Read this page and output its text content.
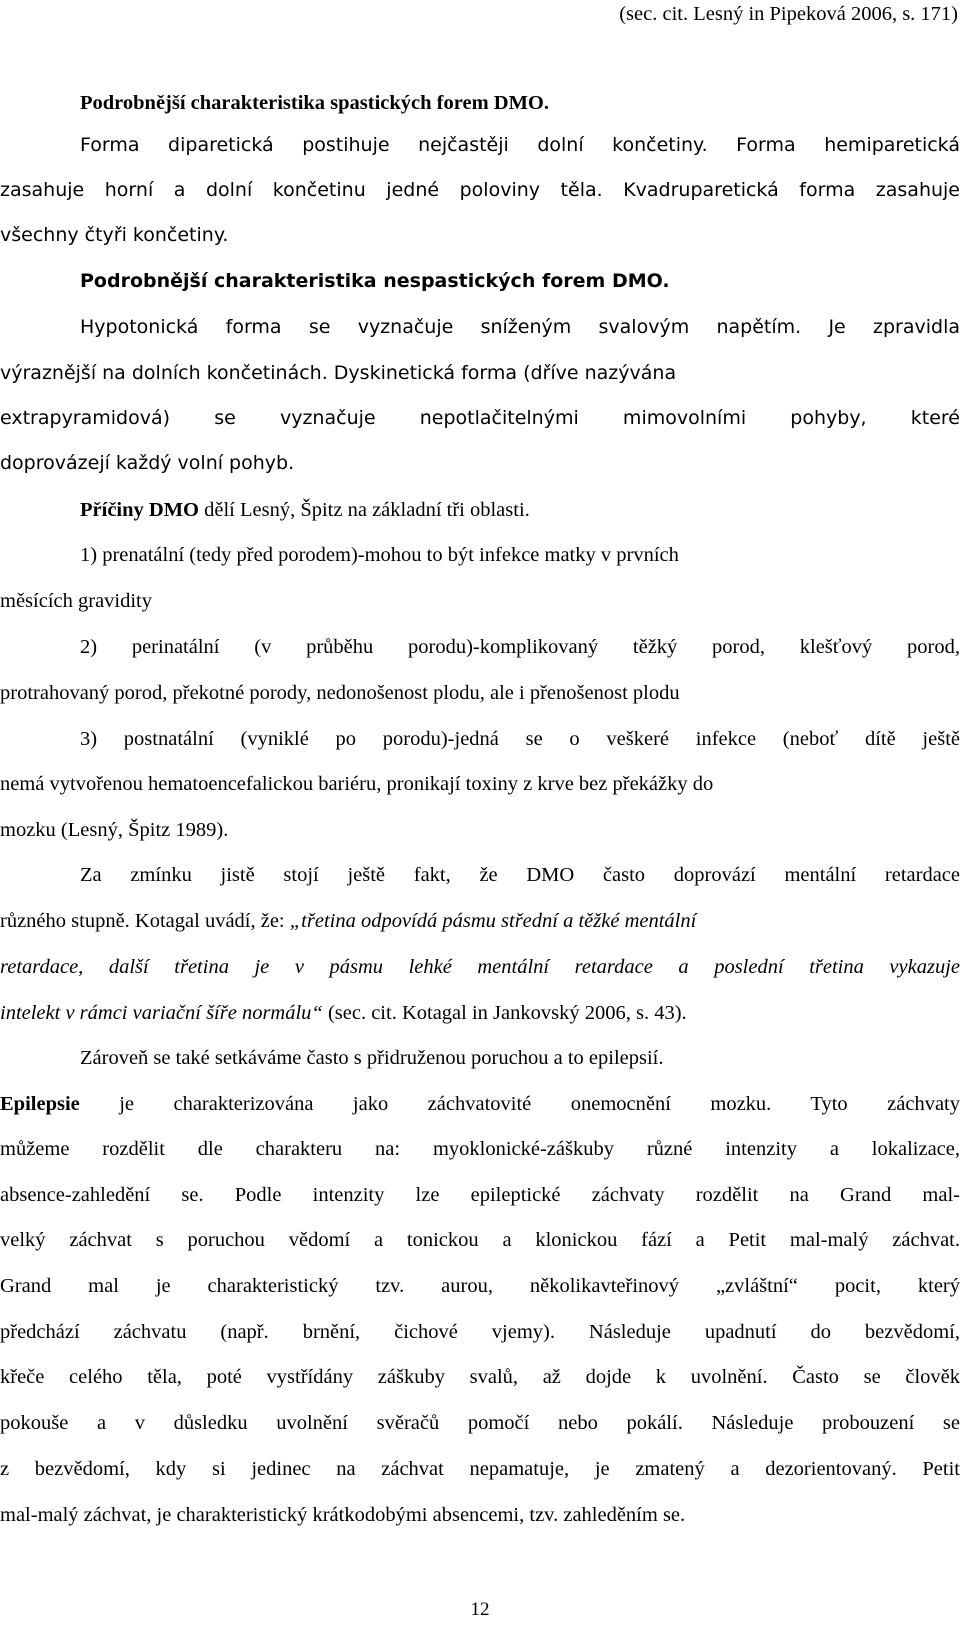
(sec. cit. Lesný in Pipeková 2006, s. 171)
Podrobnější charakteristika spastických forem DMO.
Forma diparetická postihuje nejčastěji dolní končetiny. Forma hemiparetická
zasahuje horní a dolní končetinu jedné poloviny těla. Kvadruparetická forma zasahuje
všechny čtyři končetiny.
Podrobnější charakteristika nespastických forem DMO.
Hypotonická forma se vyznačuje sníženým svalovým napětím. Je zpravidla
výraznější na dolních končetinách. Dyskinetická forma (dříve nazývána
extrapyramidová) se vyznačuje nepotlačitelnými mimovolními pohyby, které
doprovázejí každý volní pohyb.
Příčiny DMO dělí Lesný, Špitz na základní tři oblasti.
1) prenatální (tedy před porodem)-mohou to být infekce matky v prvních
měsících gravidity
2) perinatální (v průběhu porodu)-komplikovaný těžký porod, klešťový porod,
protrahovaný porod, překotné porody, nedonošenost plodu, ale i přenošenost plodu
3) postnatální (vyniklé po porodu)-jedná se o veškeré infekce (neboť dítě ještě
nemá vytvořenou hematoencefalickou bariéru, pronikají toxiny z krve bez překážky do
mozku (Lesný, Špitz 1989).
Za zmínku jistě stojí ještě fakt, že DMO často doprovází mentální retardace
různého stupně. Kotagal uvádí, že: „třetina odpovídá pásmu střední a těžké mentální
retardace, další třetina je v pásmu lehké mentální retardace a poslední třetina vykazuje
intelekt v rámci variační šíře normálu“ (sec. cit. Kotagal in Jankovský 2006, s. 43).
Zároveň se také setkáváme často s přidruženou poruchou a to epilepsií.
Epilepsie je charakterizována jako záchvatovité onemocnění mozku. Tyto záchvaty
můžeme rozdělit dle charakteru na: myoklonické-záškuby různé intenzity a lokalizace,
absence-zahledění se. Podle intenzity lze epileptické záchvaty rozdělit na Grand mal-
velký záchvat s poruchou vědomí a tonickou a klonickou fází a Petit mal-malý záchvat.
Grand mal je charakteristický tzv. aurou, několikavteřinový „zvláštní“ pocit, který
předchází záchvatu (např. brnění, čichové vjemy). Následuje upadnutí do bezvědomí,
křeče celého těla, poté vystřídány záškuby svalů, až dojde k uvolnění. Často se člověk
pokouše a v důsledku uvolnění svěračů pomočí nebo pokálí. Následuje probouzení se
z bezvědomí, kdy si jedinec na záchvat nepamatuje, je zmatený a dezorientovaný. Petit
mal-malý záchvat, je charakteristický krátkodobými absencemi, tzv. zahleděním se.
12
